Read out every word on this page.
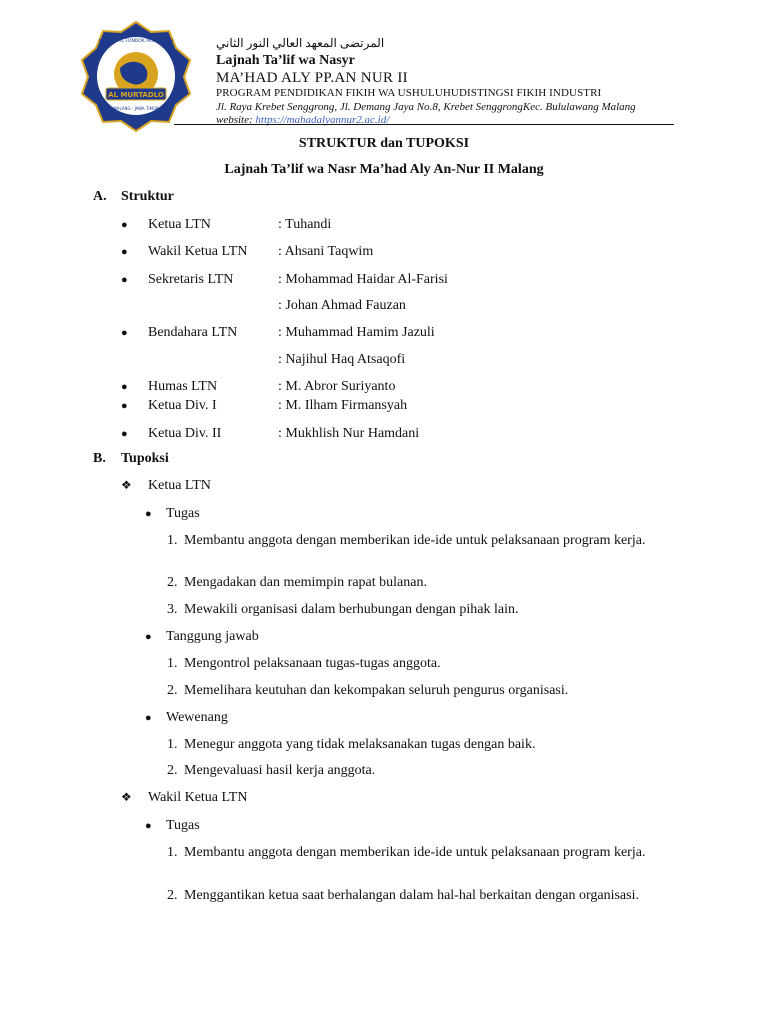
AL MURTADLO
MA'HAD AL FONDOK PESANTREN
MALANG - JAWA TIMUR
المرتضى المعهد العالي النور الثاني
Lajnah Ta’lif wa Nasyr
MA’HAD ALY PP.AN NUR II
PROGRAM PENDIDIKAN FIKIH WA USHULUHUDISTINGSI FIKIH INDUSTRI
Jl. Raya Krebet Senggrong, Jl. Demang Jaya No.8, Krebet SenggrongKec. Bululawang Malang
website: https://mahadalyannur2.ac.id/
STRUKTUR dan TUPOKSI
Lajnah Ta’lif wa Nasr Ma’had Aly An-Nur II Malang
A. Struktur
● Ketua LTN	: Tuhandi
● Wakil Ketua LTN : Ahsani Taqwim
● Sekretaris LTN	: Mohammad Haidar Al-Farisi
: Johan Ahmad Fauzan
● Bendahara LTN	: Muhammad Hamim Jazuli
: Najihul Haq Atsaqofi
● Humas LTN	: M. Abror Suriyanto
● Ketua Div. I	: M. Ilham Firmansyah
● Ketua Div. II	: Mukhlish Nur Hamdani
B. Tupoksi
❖ Ketua LTN
● Tugas
1. Membantu anggota dengan memberikan ide-ide untuk pelaksanaan program kerja.
2. Mengadakan dan memimpin rapat bulanan.
3. Mewakili organisasi dalam berhubungan dengan pihak lain.
● Tanggung jawab
1. Mengontrol pelaksanaan tugas-tugas anggota.
2. Memelihara keutuhan dan kekompakan seluruh pengurus organisasi.
● Wewenang
1. Menegur anggota yang tidak melaksanakan tugas dengan baik.
2. Mengevaluasi hasil kerja anggota.
❖ Wakil Ketua LTN
● Tugas
1. Membantu anggota dengan memberikan ide-ide untuk pelaksanaan program kerja.
2. Menggantikan ketua saat berhalangan dalam hal-hal berkaitan dengan organisasi.
